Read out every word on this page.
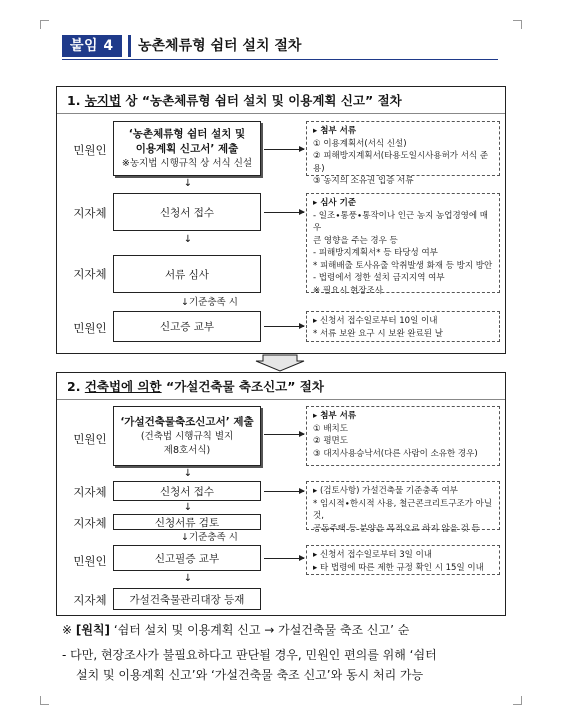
붙임 4	농촌체류형 쉼터 설치 절차
1. 농지법 상 “농촌체류형 쉼터 설치 및 이용계획 신고” 절차
민원인
지자체
지자체
민원인
‘농촌체류형 쉼터 설치 및
이용계획 신고서’ 제출
※농지법 시행규칙 상 서식 신설
↓
신청서 접수
↓
서류 심사
↓기준충족 시
신고증 교부
▸ 첨부 서류
① 이용계획서(서식 신설)
② 피해방지계획서(타용도일시사용허가 서식 준용)
③ 농지의 소유권 입증 서류
▸ 심사 기준
- 일조∙통풍∙통작이나 인근 농지 농업경영에 매우
큰 영향을 주는 경우 등
- 피해방지계획서* 등 타당성 여부
* 피해배출 토사유출 악취발생 화재 등 방지 방안
- 법령에서 정한 설치 금지지역 여부
※ 필요시 현장조사
▸ 신청서 접수일로부터 10일 이내
* 서류 보완 요구 시 보완 완료된 날
2. 건축법에 의한 “가설건축물 축조신고” 절차
민원인
지자체
지자체
민원인
지자체
‘가설건축물축조신고서’ 제출
(건축법 시행규칙 별지
제8호서식)
↓
신청서 접수
↓
신청서류 검토
↓기준충족 시
신고필증 교부
↓
가설건축물관리대장 등재
▸ 첨부 서류
① 배치도
② 평면도
③ 대지사용승낙서(다른 사람이 소유한 경우)
▸ (검토사항) 가설건축물 기준충족 여부
* 임시적∙한시적 사용, 철근콘크리트구조가 아닐 것,
공동주택 등 분양을 목적으로 하지 않을 것 등
▸ 신청서 접수일로부터 3일 이내
▸ 타 법령에 따른 제한 규정 확인 시 15일 이내
※ [원칙] ‘쉼터 설치 및 이용계획 신고 → 가설건축물 축조 신고’ 순
- 다만, 현장조사가 불필요하다고 판단될 경우, 민원인 편의를 위해 ‘쉼터
설치 및 이용계획 신고’와 ‘가설건축물 축조 신고’와 동시 처리 가능
